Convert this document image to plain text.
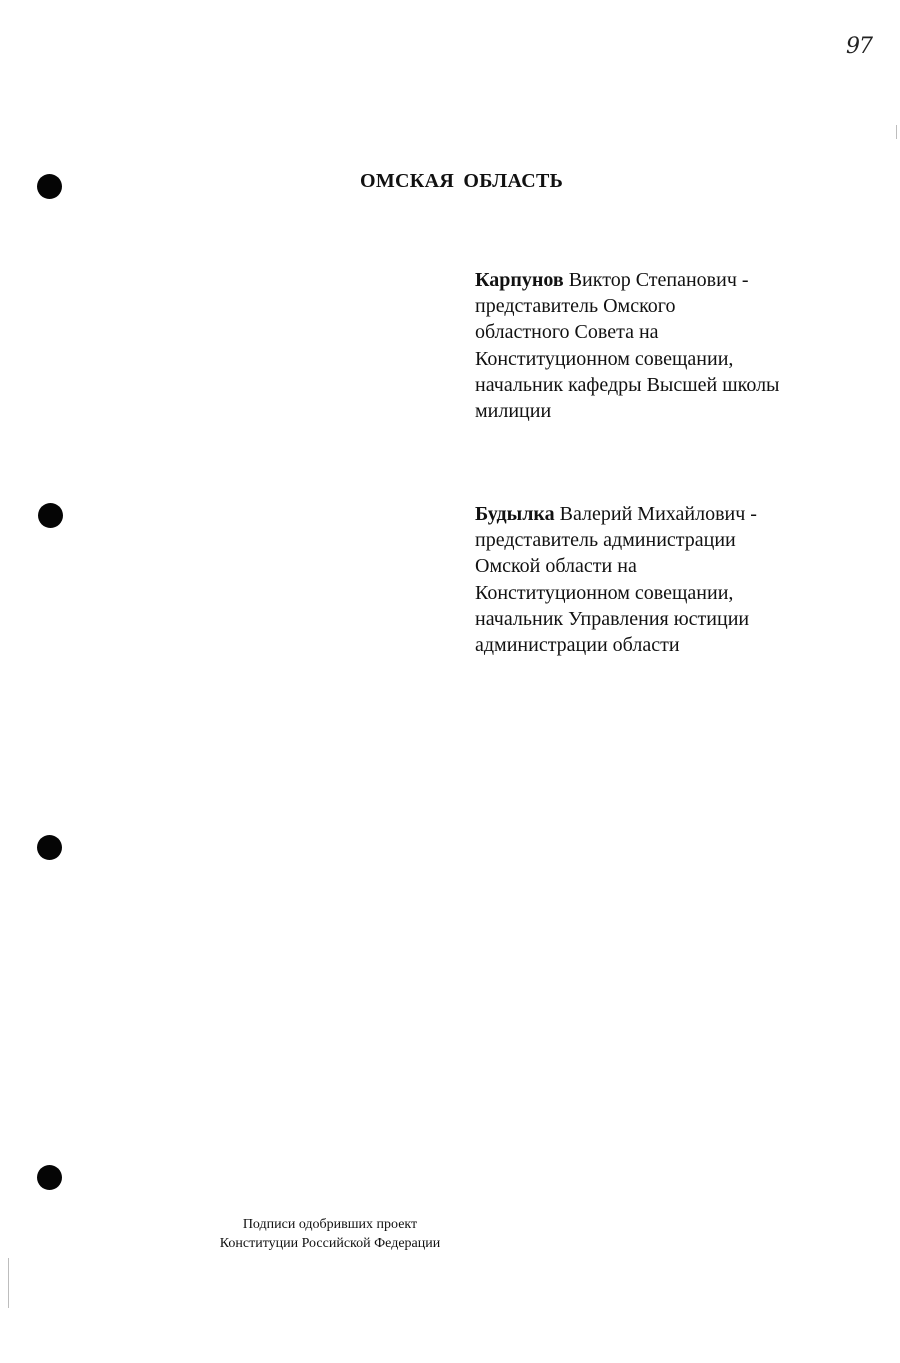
97
ОМСКАЯ ОБЛАСТЬ
Карпунов Виктор Степанович -
представитель Омского
областного Совета на
Конституционном совещании,
начальник кафедры Высшей школы
милиции
Будылка Валерий Михайлович -
представитель администрации
Омской области на
Конституционном совещании,
начальник Управления юстиции
администрации области
Подписи одобривших проект
Конституции Российской Федерации
